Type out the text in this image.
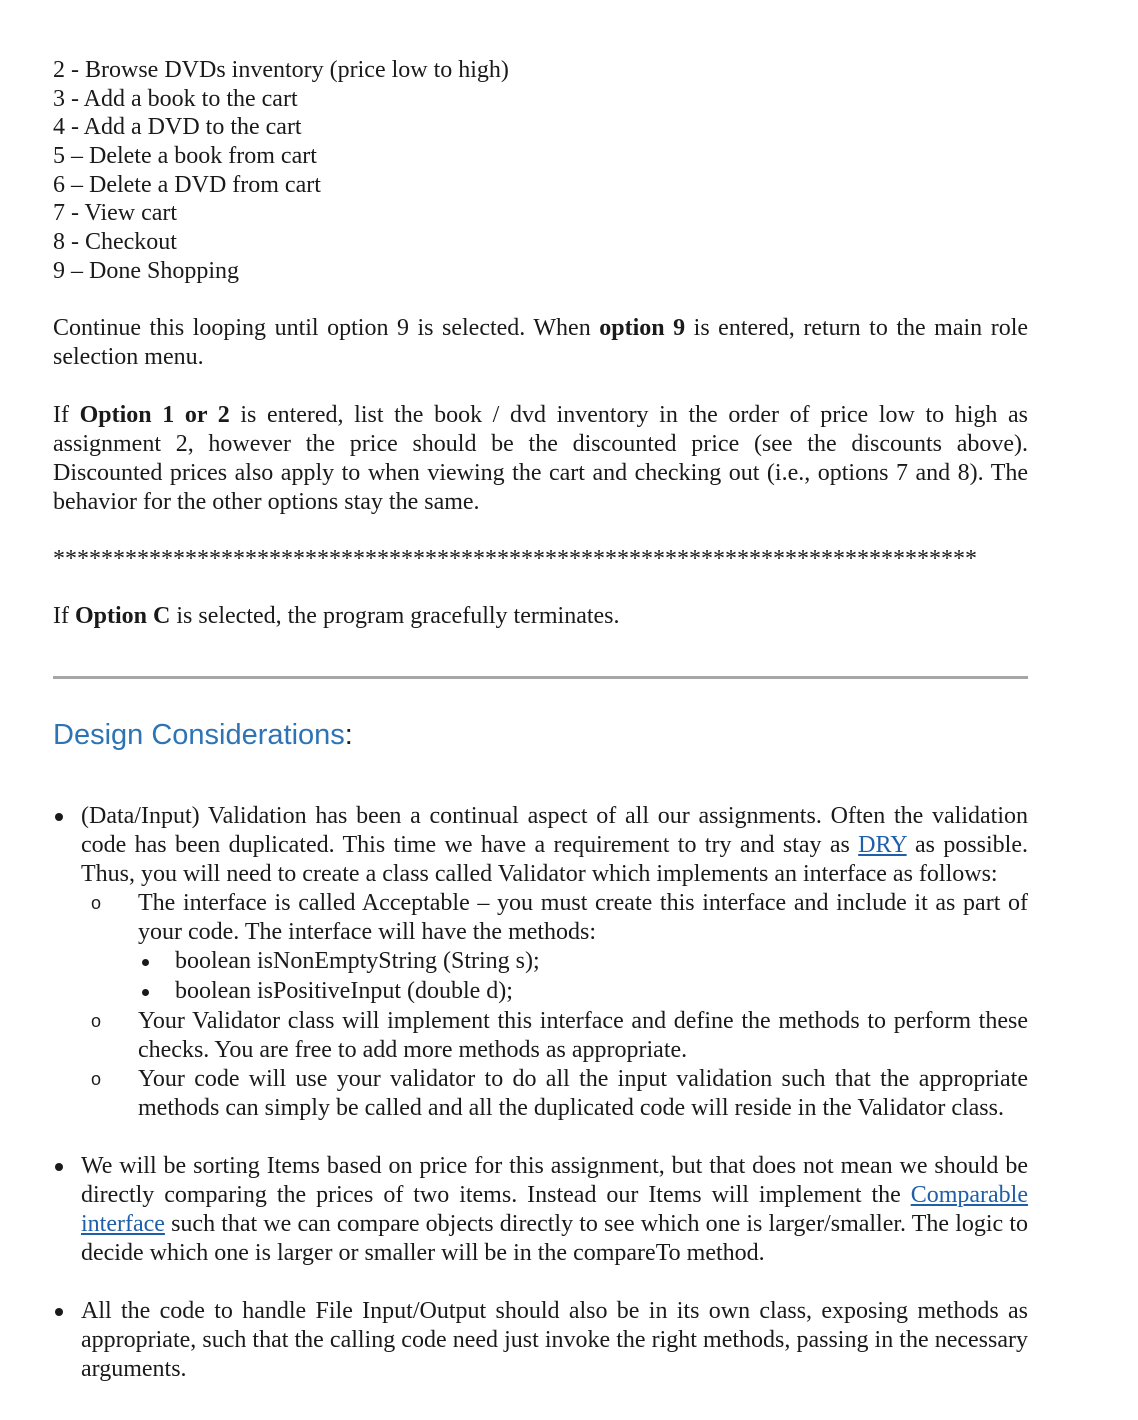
2 - Browse DVDs inventory (price low to high)
3 - Add a book to the cart
4 - Add a DVD to the cart
5 – Delete a book from cart
6 – Delete a DVD from cart
7 - View cart
8 - Checkout
9 – Done Shopping

Continue this looping until option 9 is selected. When option 9 is entered, return to the main role selection menu.

If Option 1 or 2 is entered, list the book / dvd inventory in the order of price low to high as assignment 2, however the price should be the discounted price (see the discounts above). Discounted prices also apply to when viewing the cart and checking out (i.e., options 7 and 8). The behavior for the other options stay the same.

*****************************************************************************

If Option C is selected, the program gracefully terminates.

Design Considerations:
(Data/Input) Validation has been a continual aspect of all our assignments. Often the validation code has been duplicated. This time we have a requirement to try and stay as DRY as possible. Thus, you will need to create a class called Validator which implements an interface as follows:
o The interface is called Acceptable – you must create this interface and include it as part of your code. The interface will have the methods:
boolean isNonEmptyString (String s);
boolean isPositiveInput (double d);
o Your Validator class will implement this interface and define the methods to perform these checks. You are free to add more methods as appropriate.
o Your code will use your validator to do all the input validation such that the appropriate methods can simply be called and all the duplicated code will reside in the Validator class.
We will be sorting Items based on price for this assignment, but that does not mean we should be directly comparing the prices of two items. Instead our Items will implement the Comparable interface such that we can compare objects directly to see which one is larger/smaller. The logic to decide which one is larger or smaller will be in the compareTo method.
All the code to handle File Input/Output should also be in its own class, exposing methods as appropriate, such that the calling code need just invoke the right methods, passing in the necessary arguments.
